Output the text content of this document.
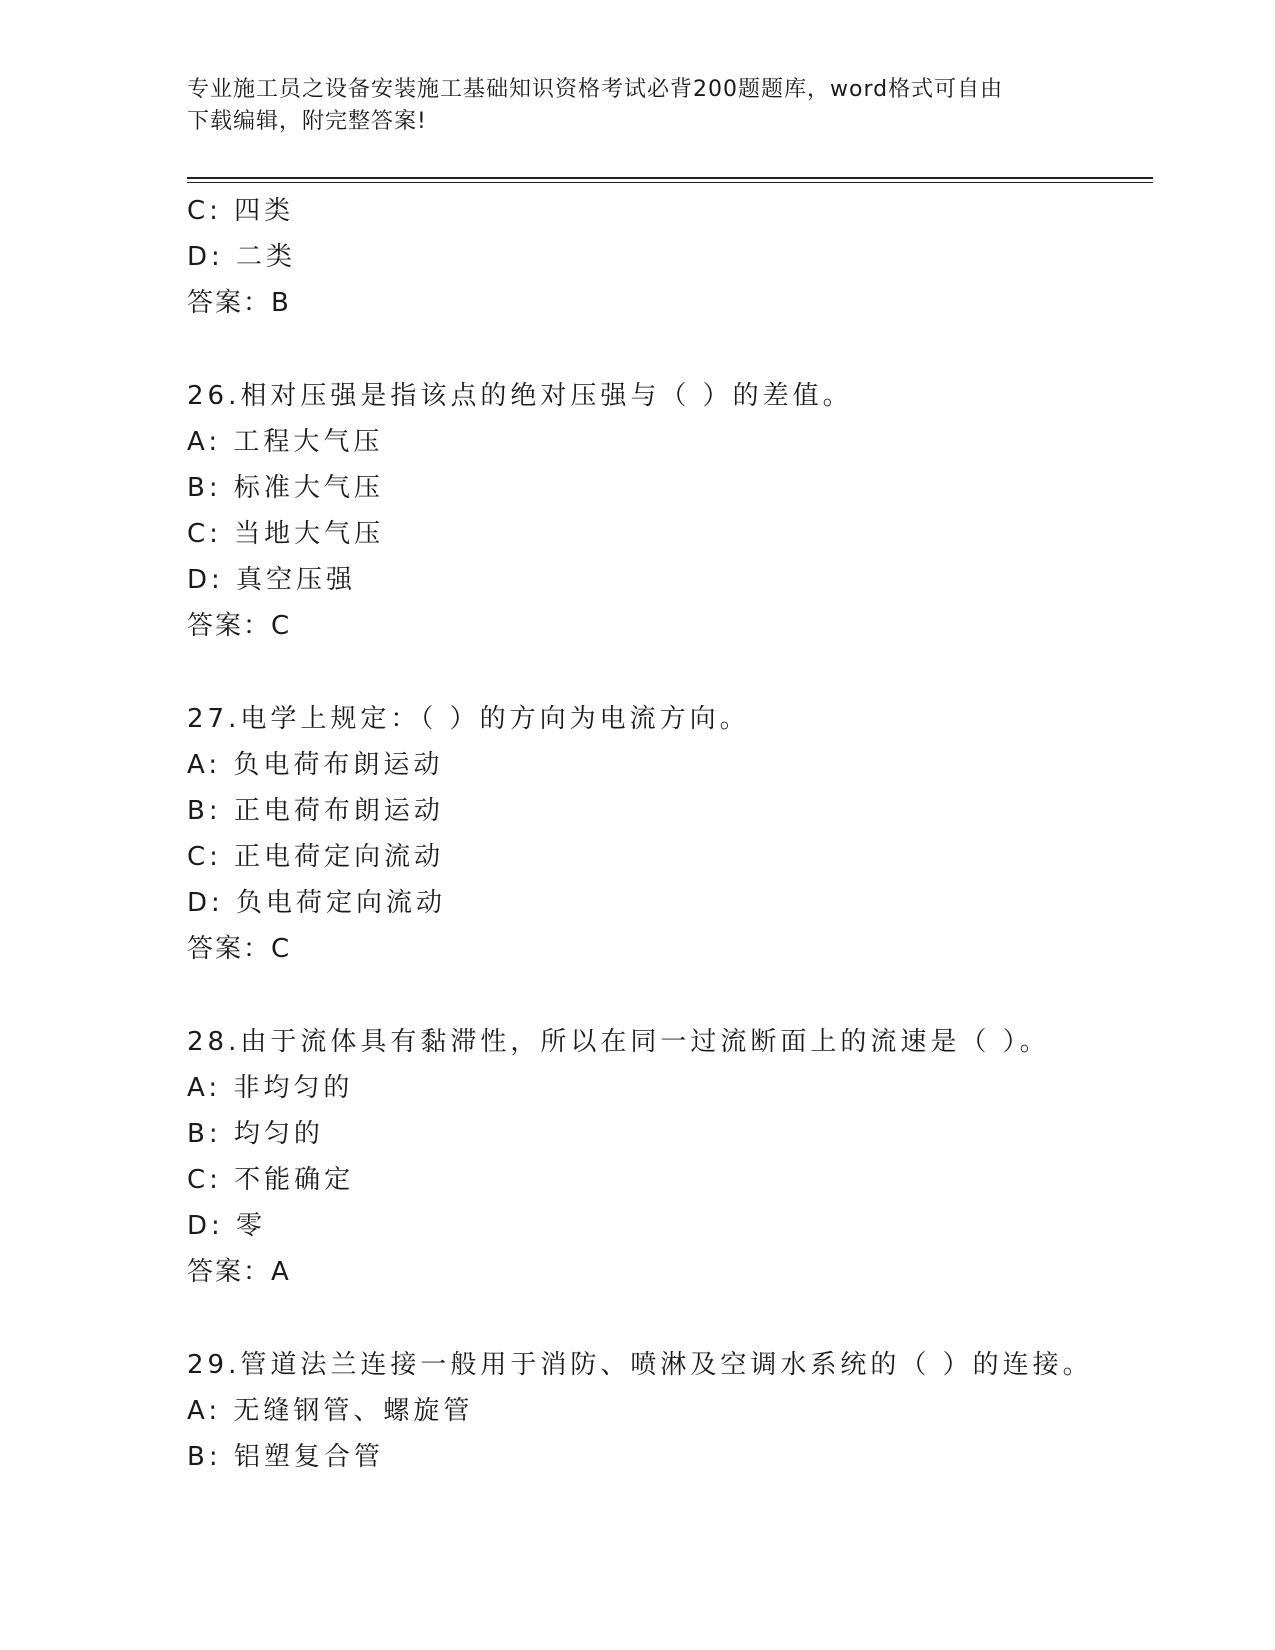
专业施工员之设备安装施工基础知识资格考试必背200题题库，word格式可自由
下载编辑，附完整答案!
C: 四类
D: 二类
答案：B
26.相对压强是指该点的绝对压强与（ ）的差值。
A: 工程大气压
B: 标准大气压
C: 当地大气压
D: 真空压强
答案：C
27.电学上规定：（ ）的方向为电流方向。
A: 负电荷布朗运动
B: 正电荷布朗运动
C: 正电荷定向流动
D: 负电荷定向流动
答案：C
28.由于流体具有黏滞性，所以在同一过流断面上的流速是（ ）。
A: 非均匀的
B: 均匀的
C: 不能确定
D: 零
答案：A
29.管道法兰连接一般用于消防、喷淋及空调水系统的（ ）的连接。
A: 无缝钢管、螺旋管
B: 铝塑复合管
